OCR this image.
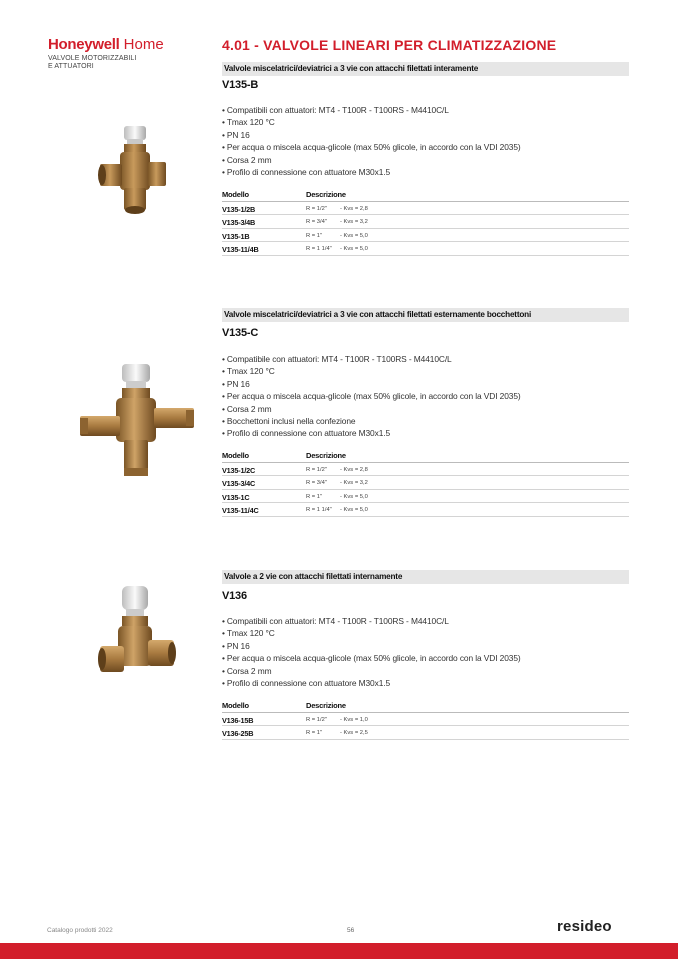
Honeywell Home
VALVOLE MOTORIZZABILI
E ATTUATORI
4.01 - VALVOLE LINEARI PER CLIMATIZZAZIONE
Valvole miscelatrici/deviatrici a 3 vie con attacchi filettati interamente
V135-B
• Compatibili con attuatori: MT4 - T100R - T100RS - M4410C/L
• Tmax 120 °C
• PN 16
• Per acqua o miscela acqua-glicole (max 50% glicole, in accordo con la VDI 2035)
• Corsa 2 mm
• Profilo di connessione con attuatore M30x1.5
Modello	Descrizione
V135-1/2B	R = 1/2" - Kvs = 2,8
V135-3/4B	R = 3/4" - Kvs = 3,2
V135-1B	R = 1"	- Kvs = 5,0
V135-11/4B	R = 1 1/4" - Kvs = 5,0
Valvole miscelatrici/deviatrici a 3 vie con attacchi filettati esternamente bocchettoni
V135-C
• Compatibile con attuatori: MT4 - T100R - T100RS - M4410C/L
• Tmax 120 °C
• PN 16
• Per acqua o miscela acqua-glicole (max 50% glicole, in accordo con la VDI 2035)
• Corsa 2 mm
• Bocchettoni inclusi nella confezione
• Profilo di connessione con attuatore M30x1.5
Modello	Descrizione
V135-1/2C	R = 1/2" - Kvs = 2,8
V135-3/4C	R = 3/4" - Kvs = 3,2
V135-1C	R = 1"	- Kvs = 5,0
V135-11/4C	R = 1 1/4" - Kvs = 5,0
Valvole a 2 vie con attacchi filettati internamente
V136
• Compatibili con attuatori: MT4 - T100R - T100RS - M4410C/L
• Tmax 120 °C
• PN 16
• Per acqua o miscela acqua-glicole (max 50% glicole, in accordo con la VDI 2035)
• Corsa 2 mm
• Profilo di connessione con attuatore M30x1.5
Modello	Descrizione
V136-15B	R = 1/2" - Kvs = 1,0
V136-25B	R = 1"	- Kvs = 2,5
Catalogo prodotti 2022	56	resideo
